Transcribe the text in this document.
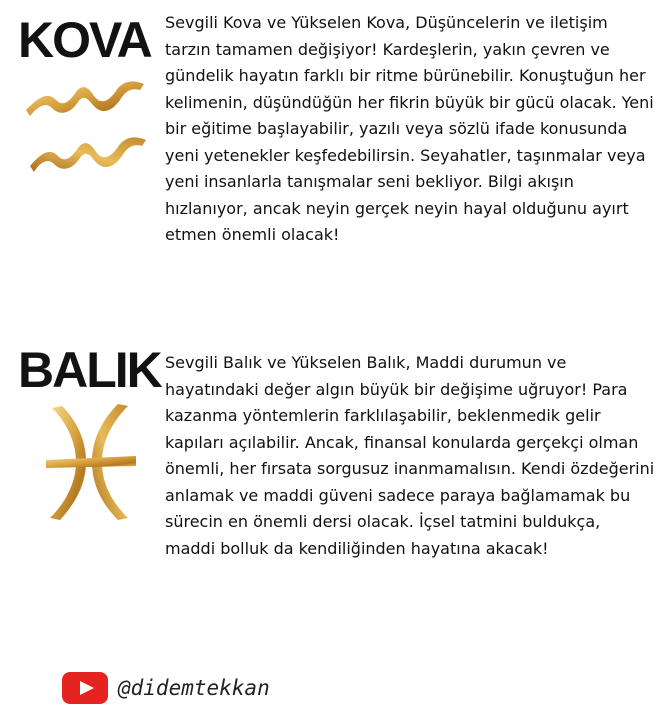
KOVA Sevgili Kova ve Yükselen Kova, Düşüncelerin ve iletişim tarzın tamamen değişiyor! Kardeşlerin, yakın çevren ve gündelik hayatın farklı bir ritme bürünebilir. Konuştuğun her kelimenin, düşündüğün her fikrin büyük bir gücü olacak. Yeni bir eğitime başlayabilir, yazılı veya sözlü ifade konusunda yeni yetenekler keşfedebilirsin. Seyahatler, taşınmalar veya yeni insanlarla tanışmalar seni bekliyor. Bilgi akışın hızlanıyor, ancak neyin gerçek neyin hayal olduğunu ayırt etmen önemli olacak!

BALIK Sevgili Balık ve Yükselen Balık, Maddi durumun ve hayatındaki değer algın büyük bir değişime uğruyor! Para kazanma yöntemlerin farklılaşabilir, beklenmedik gelir kapıları açılabilir. Ancak, finansal konularda gerçekçi olman önemli, her fırsata sorgusuz inanmamalısın. Kendi özdeğerini anlamak ve maddi güveni sadece paraya bağlamamak bu sürecin en önemli dersi olacak. İçsel tatmini buldukça, maddi bolluk da kendiliğinden hayatına akacak!

@didemtekkan
